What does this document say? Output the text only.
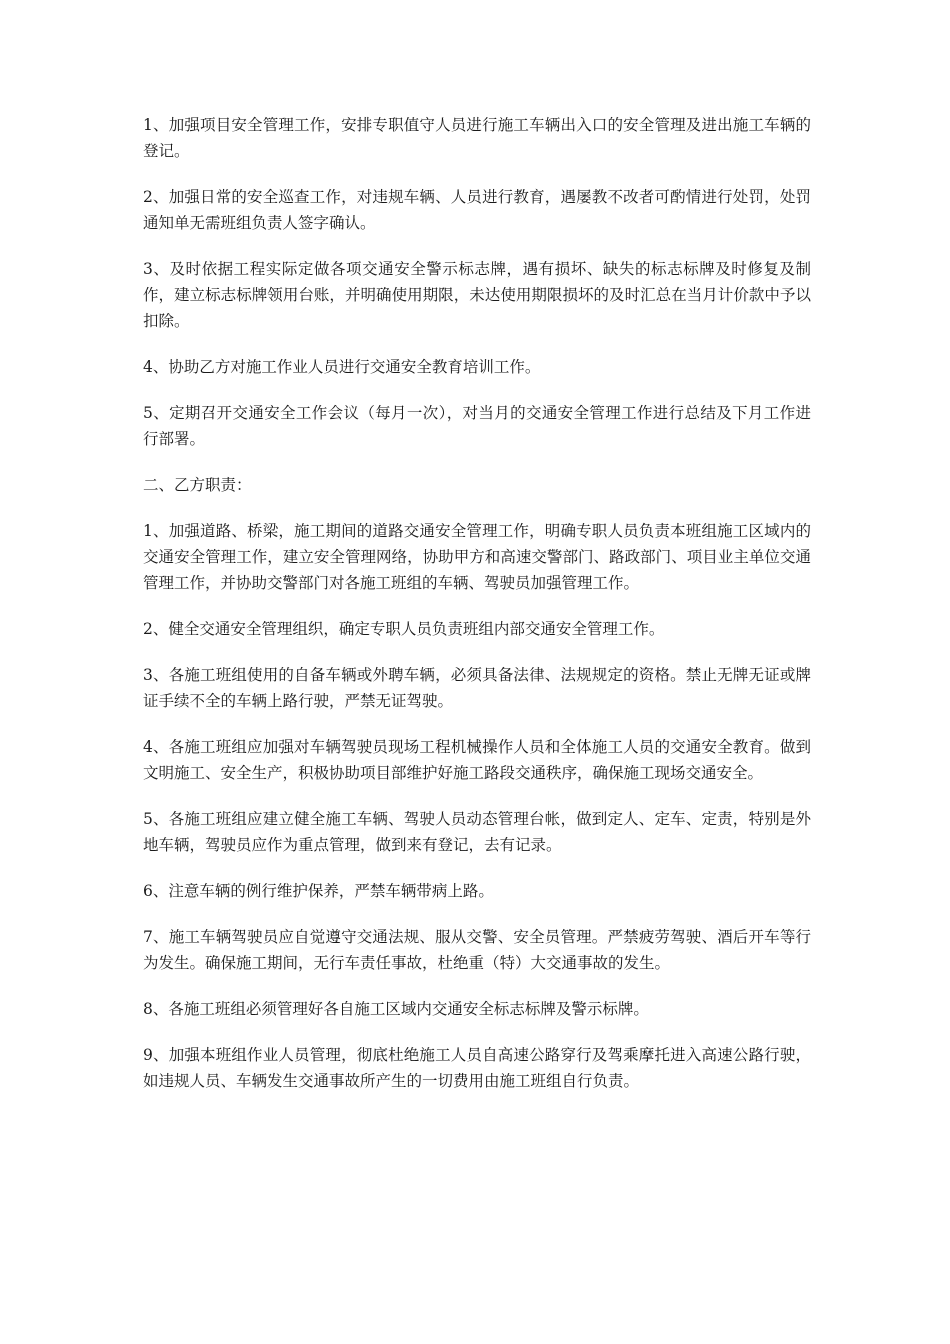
1、加强项目安全管理工作，安排专职值守人员进行施工车辆出入口的安全管理及进出施工车辆的登记。

2、加强日常的安全巡查工作，对违规车辆、人员进行教育，遇屡教不改者可酌情进行处罚，处罚通知单无需班组负责人签字确认。

3、及时依据工程实际定做各项交通安全警示标志牌，遇有损坏、缺失的标志标牌及时修复及制作，建立标志标牌领用台账，并明确使用期限，未达使用期限损坏的及时汇总在当月计价款中予以扣除。

4、协助乙方对施工作业人员进行交通安全教育培训工作。

5、定期召开交通安全工作会议（每月一次），对当月的交通安全管理工作进行总结及下月工作进行部署。

二、乙方职责：

1、加强道路、桥梁，施工期间的道路交通安全管理工作，明确专职人员负责本班组施工区域内的交通安全管理工作，建立安全管理网络，协助甲方和高速交警部门、路政部门、项目业主单位交通管理工作，并协助交警部门对各施工班组的车辆、驾驶员加强管理工作。

2、健全交通安全管理组织，确定专职人员负责班组内部交通安全管理工作。

3、各施工班组使用的自备车辆或外聘车辆，必须具备法律、法规规定的资格。禁止无牌无证或牌证手续不全的车辆上路行驶，严禁无证驾驶。

4、各施工班组应加强对车辆驾驶员现场工程机械操作人员和全体施工人员的交通安全教育。做到文明施工、安全生产，积极协助项目部维护好施工路段交通秩序，确保施工现场交通安全。

5、各施工班组应建立健全施工车辆、驾驶人员动态管理台帐，做到定人、定车、定责，特别是外地车辆，驾驶员应作为重点管理，做到来有登记，去有记录。

6、注意车辆的例行维护保养，严禁车辆带病上路。

7、施工车辆驾驶员应自觉遵守交通法规、服从交警、安全员管理。严禁疲劳驾驶、酒后开车等行为发生。确保施工期间，无行车责任事故，杜绝重（特）大交通事故的发生。

8、各施工班组必须管理好各自施工区域内交通安全标志标牌及警示标牌。

9、加强本班组作业人员管理，彻底杜绝施工人员自高速公路穿行及驾乘摩托进入高速公路行驶，如违规人员、车辆发生交通事故所产生的一切费用由施工班组自行负责。
